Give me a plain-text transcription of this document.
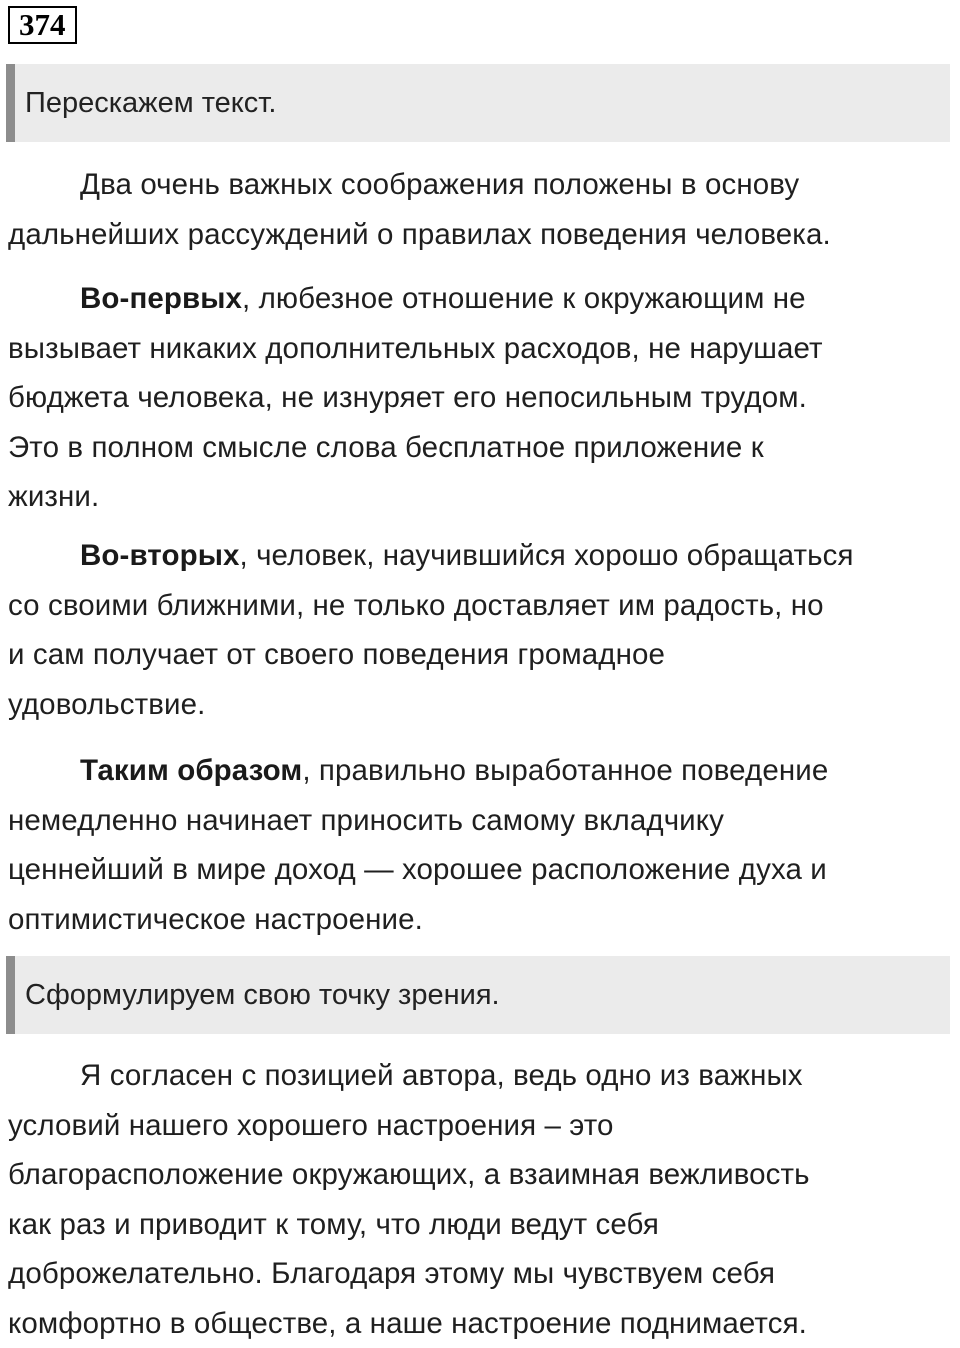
374
Перескажем текст.

Два очень важных соображения положены в основу
дальнейших рассуждений о правилах поведения человека.

Во-первых, любезное отношение к окружающим не
вызывает никаких дополнительных расходов, не нарушает
бюджета человека, не изнуряет его непосильным трудом.
Это в полном смысле слова бесплатное приложение к
жизни.

Во-вторых, человек, научившийся хорошо обращаться
со своими ближними, не только доставляет им радость, но
и сам получает от своего поведения громадное
удовольствие.

Таким образом, правильно выработанное поведение
немедленно начинает приносить самому вкладчику
ценнейший в мире доход — хорошее расположение духа и
оптимистическое настроение.

Сформулируем свою точку зрения.

Я согласен с позицией автора, ведь одно из важных
условий нашего хорошего настроения – это
благорасположение окружающих, а взаимная вежливость
как раз и приводит к тому, что люди ведут себя
доброжелательно. Благодаря этому мы чувствуем себя
комфортно в обществе, а наше настроение поднимается.
